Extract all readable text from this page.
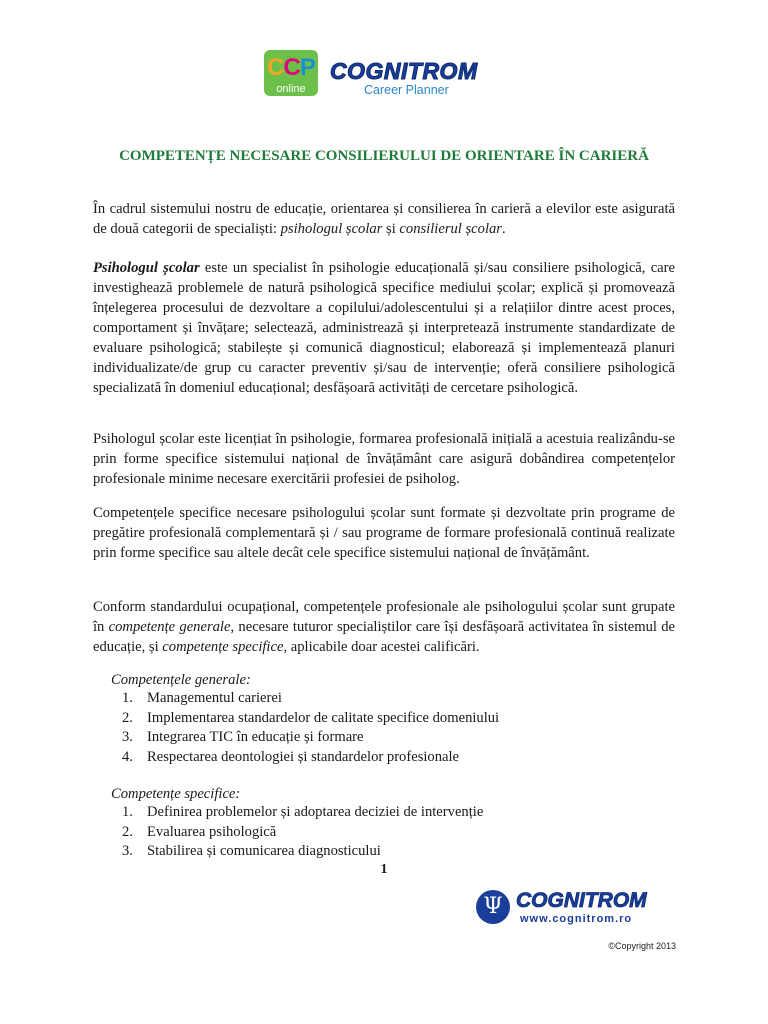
CCP
online
COGNITROM
Career Planner
COMPETENȚE NECESARE CONSILIERULUI DE ORIENTARE ÎN CARIERĂ

În cadrul sistemului nostru de educație, orientarea și consilierea în carieră a elevilor este asigurată de două categorii de specialiști: psihologul școlar și consilierul școlar.

Psihologul școlar este un specialist în psihologie educațională și/sau consiliere psihologică, care investighează problemele de natură psihologică specifice mediului școlar; explică și promovează înțelegerea procesului de dezvoltare a copilului/adolescentului și a relațiilor dintre acest proces, comportament și învățare; selectează, administrează și interpretează instrumente standardizate de evaluare psihologică; stabilește și comunică diagnosticul; elaborează și implementează planuri individualizate/de grup cu caracter preventiv și/sau de intervenție; oferă consiliere psihologică specializată în domeniul educațional; desfășoară activități de cercetare psihologică.

Psihologul școlar este licențiat în psihologie, formarea profesională inițială a acestuia realizându-se prin forme specifice sistemului național de învățământ care asigură dobândirea competențelor profesionale minime necesare exercitării profesiei de psiholog.

Competențele specifice necesare psihologului școlar sunt formate și dezvoltate prin programe de pregătire profesională complementară și / sau programe de formare profesională continuă realizate prin forme specifice sau altele decât cele specifice sistemului național de învățământ.

Conform standardului ocupațional, competențele profesionale ale psihologului școlar sunt grupate în competențe generale, necesare tuturor specialiștilor care își desfășoară activitatea în sistemul de educație, și competențe specifice, aplicabile doar acestei calificări.

Competențele generale:

1. Managementul carierei
2. Implementarea standardelor de calitate specifice domeniului
3. Integrarea TIC în educație și formare
4. Respectarea deontologiei și standardelor profesionale

Competențe specifice:

1. Definirea problemelor și adoptarea deciziei de intervenție
2. Evaluarea psihologică
3. Stabilirea și comunicarea diagnosticului
1
Ψ COGNITROM
www.cognitrom.ro
©Copyright 2013
